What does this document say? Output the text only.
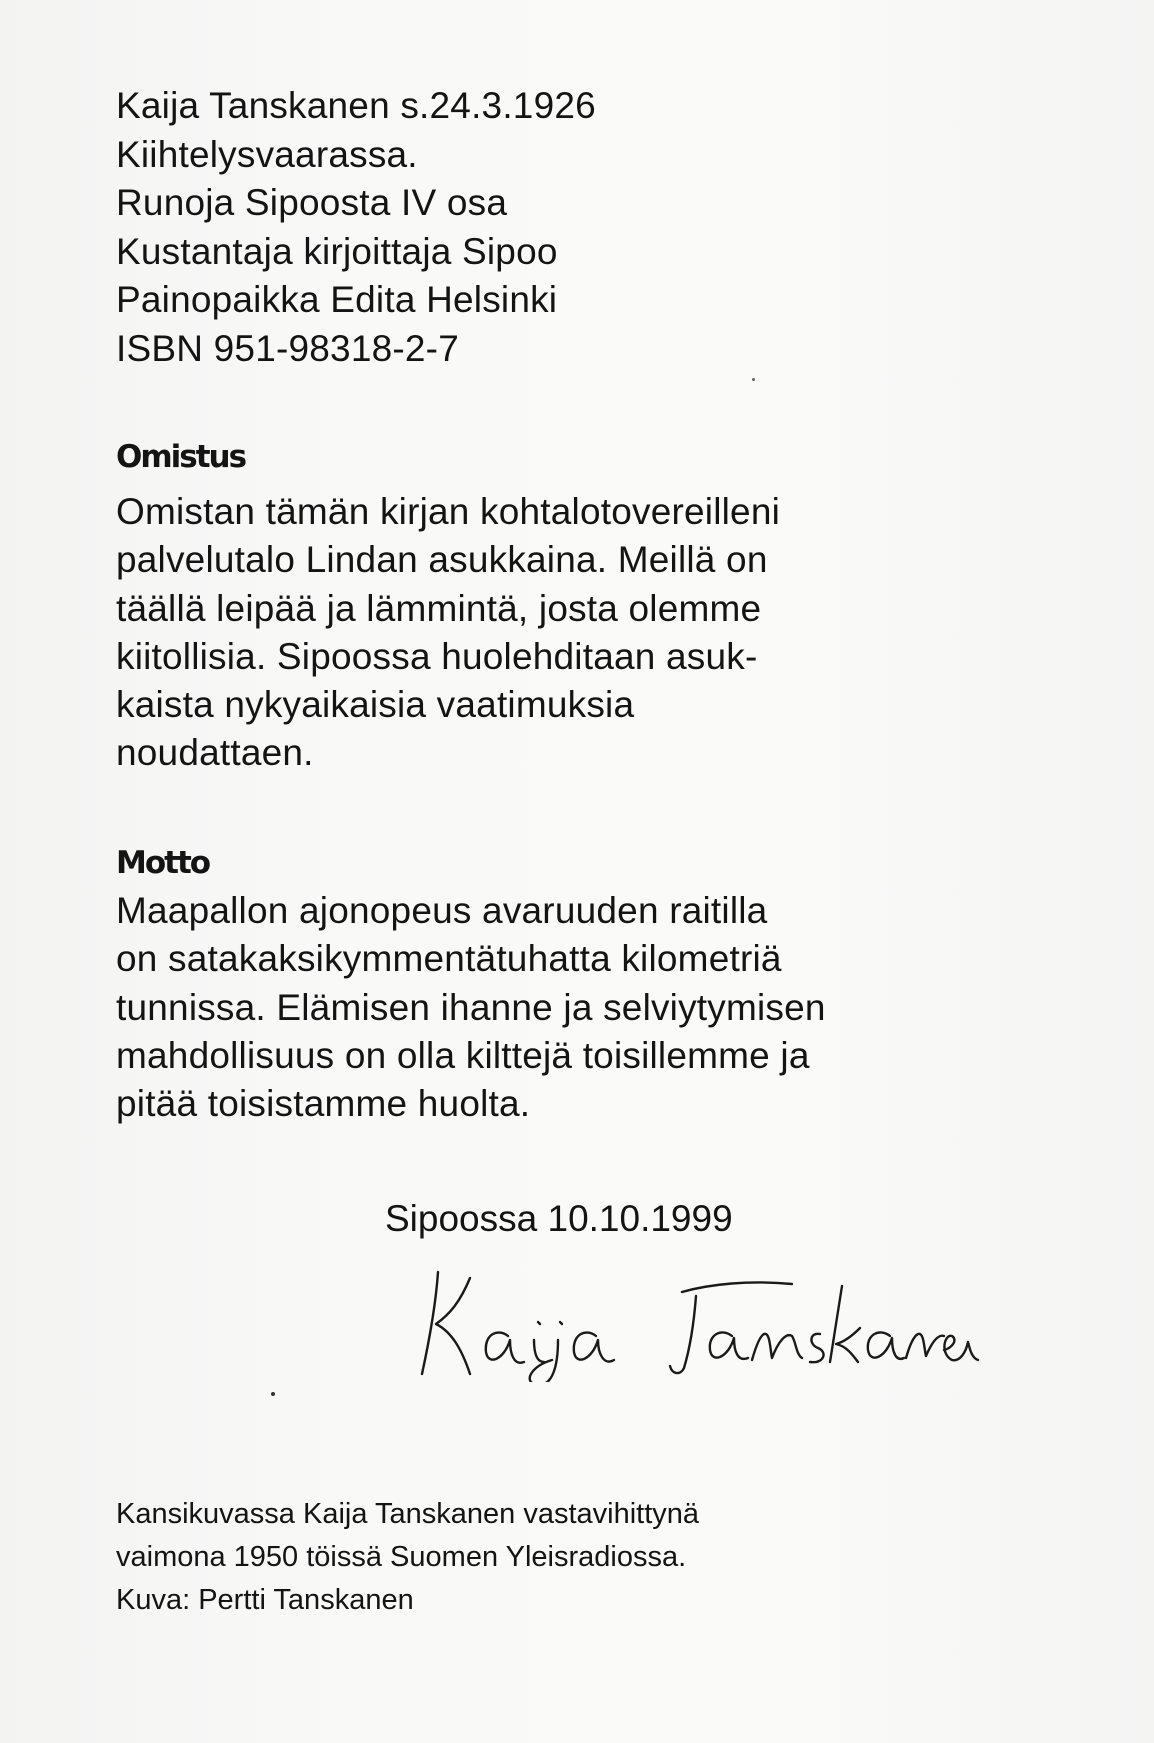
Kaija Tanskanen s.24.3.1926
Kiihtelysvaarassa.
Runoja Sipoosta IV osa
Kustantaja kirjoittaja Sipoo
Painopaikka Edita Helsinki
ISBN 951-98318-2-7
Omistus
Omistan tämän kirjan kohtalotovereilleni
palvelutalo Lindan asukkaina. Meillä on
täällä leipää ja lämmintä, josta olemme
kiitollisia. Sipoossa huolehditaan asuk-
kaista nykyaikaisia vaatimuksia
noudattaen.
Motto
Maapallon ajonopeus avaruuden raitilla
on satakaksikymmentätuhatta kilometriä
tunnissa. Elämisen ihanne ja selviytymisen
mahdollisuus on olla kilttejä toisillemme ja
pitää toisistamme huolta.
Sipoossa 10.10.1999
Kansikuvassa Kaija Tanskanen vastavihittynä
vaimona 1950 töissä Suomen Yleisradiossa.
Kuva: Pertti Tanskanen
